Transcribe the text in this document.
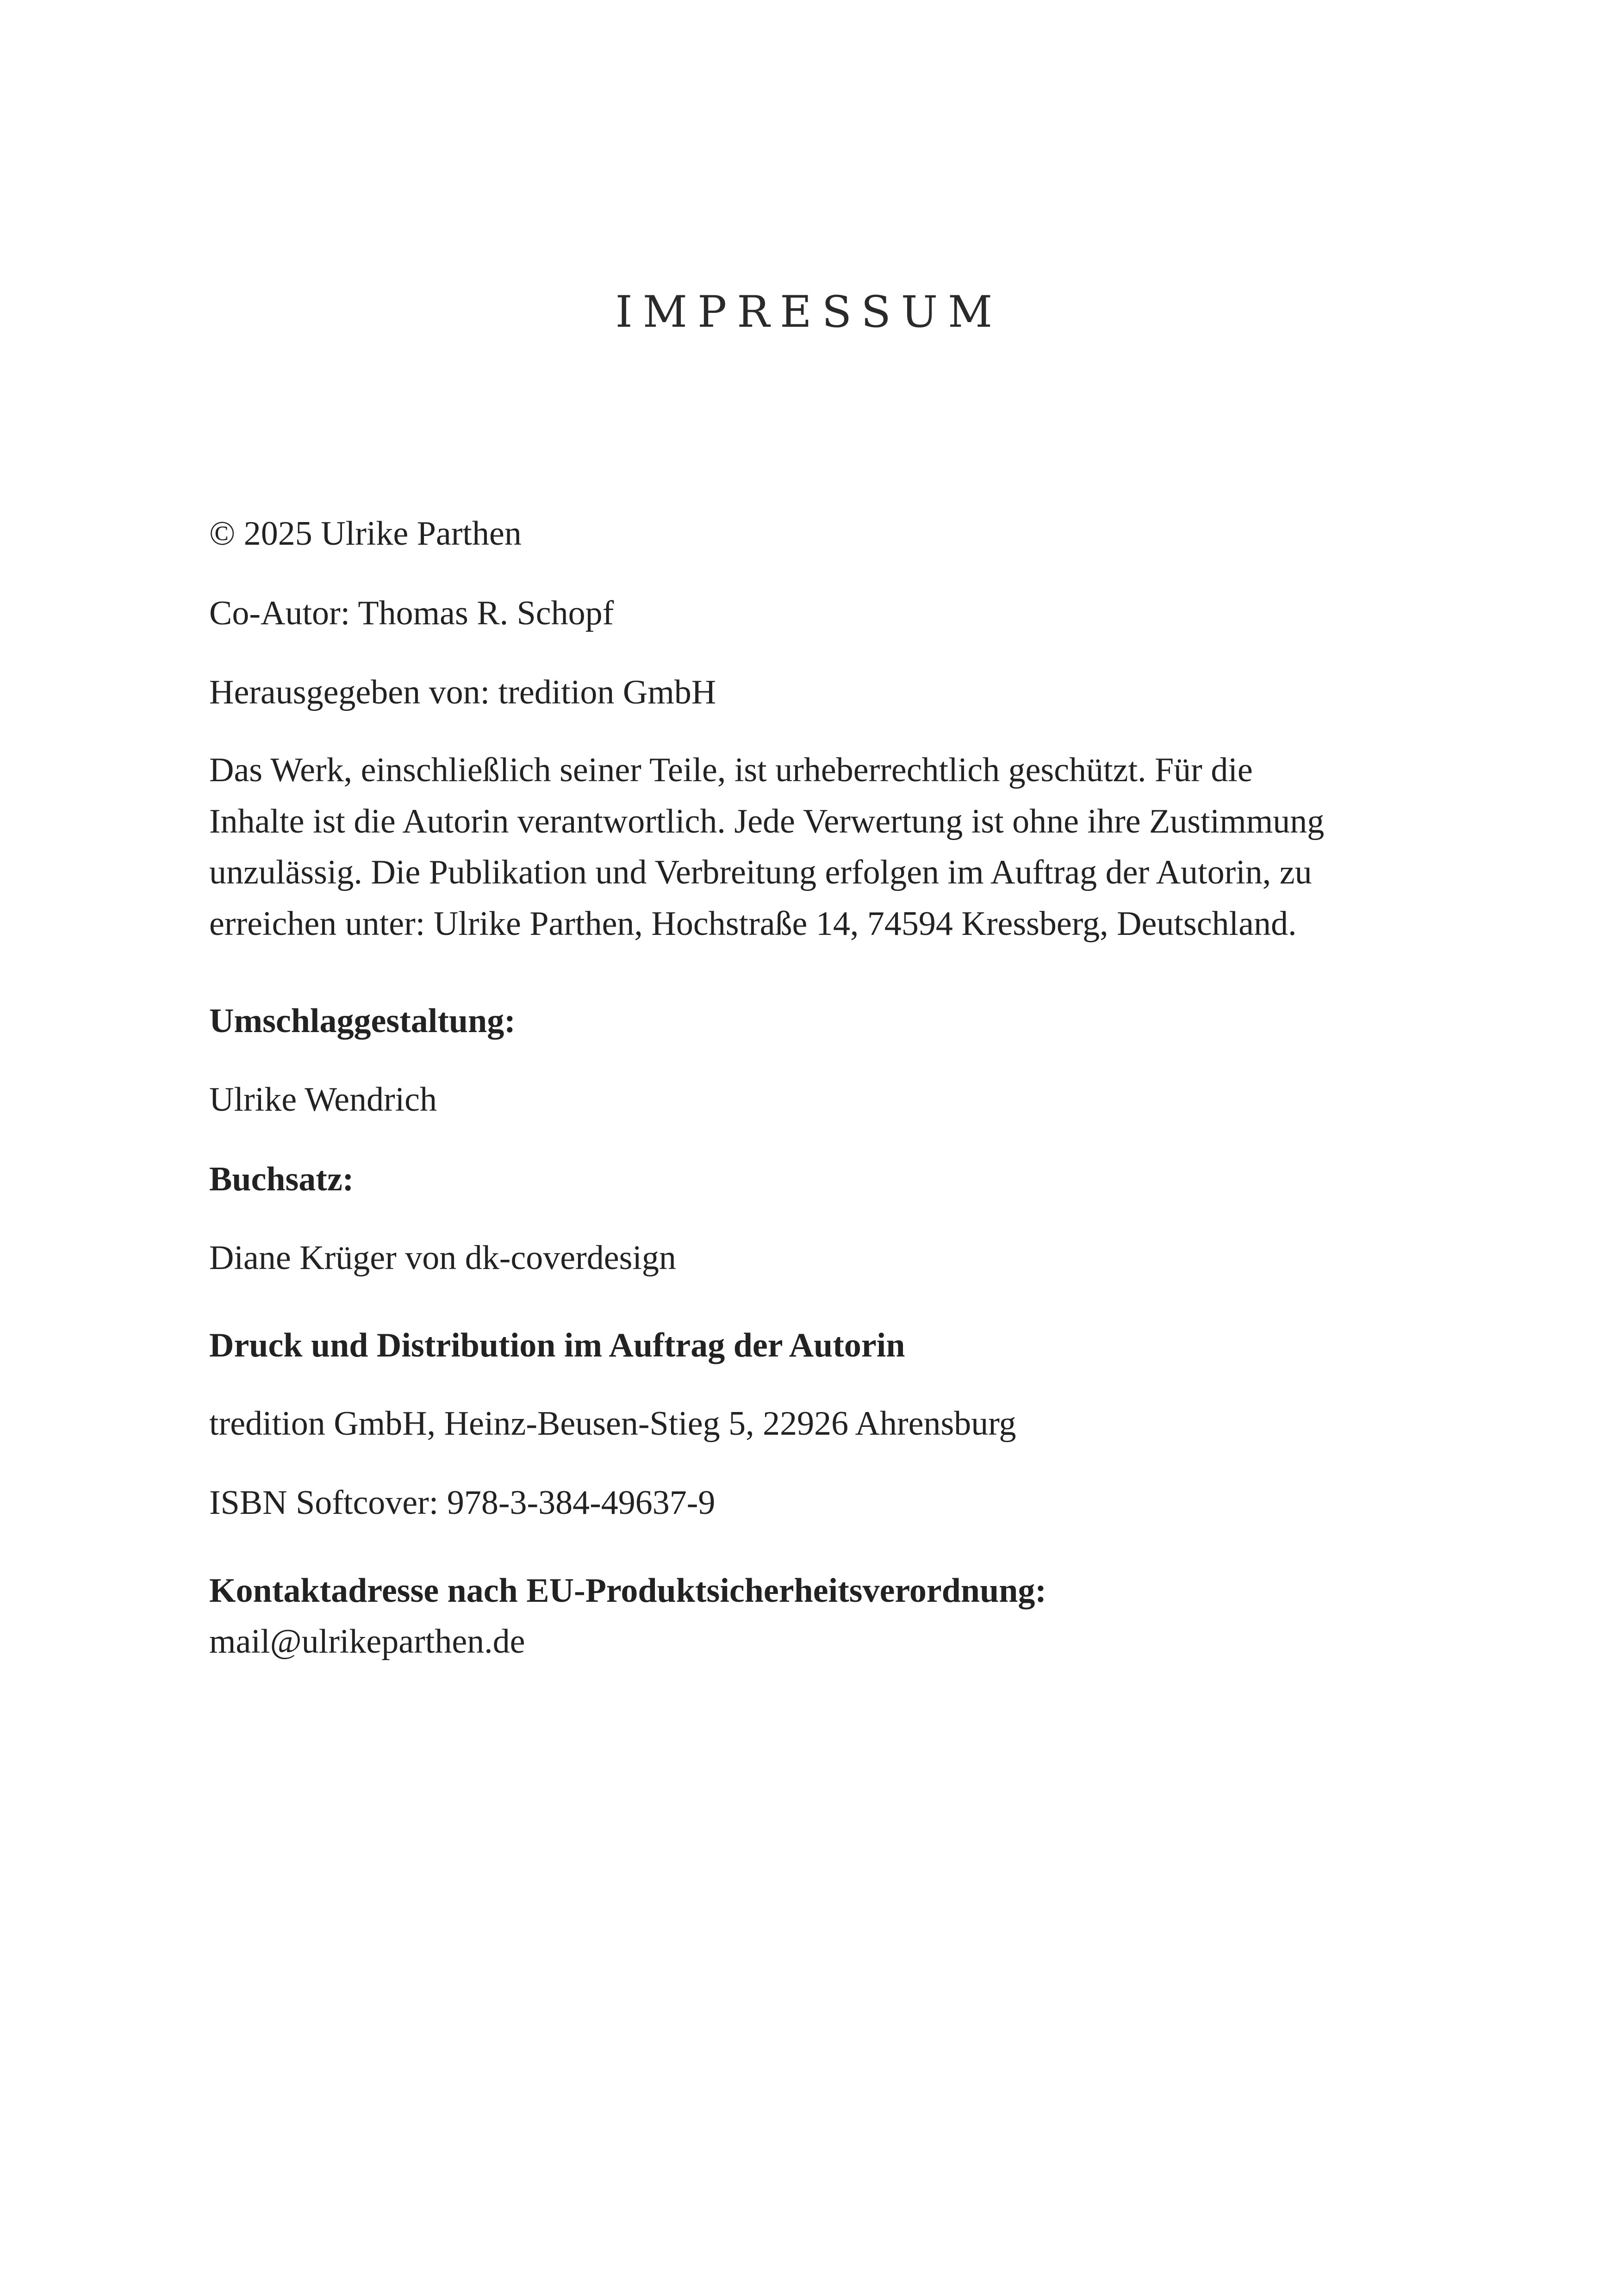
IMPRESSUM
© 2025 Ulrike Parthen
Co-Autor: Thomas R. Schopf
Herausgegeben von: tredition GmbH
Das Werk, einschließlich seiner Teile, ist urheberrechtlich geschützt. Für die
Inhalte ist die Autorin verantwortlich. Jede Verwertung ist ohne ihre Zustimmung
unzulässig. Die Publikation und Verbreitung erfolgen im Auftrag der Autorin, zu
erreichen unter: Ulrike Parthen, Hochstraße 14, 74594 Kressberg, Deutschland.
Umschlaggestaltung:
Ulrike Wendrich
Buchsatz:
Diane Krüger von dk-coverdesign
Druck und Distribution im Auftrag der Autorin
tredition GmbH, Heinz-Beusen-Stieg 5, 22926 Ahrensburg
ISBN Softcover: 978-3-384-49637-9
Kontaktadresse nach EU-Produktsicherheitsverordnung:
mail@ulrikeparthen.de
